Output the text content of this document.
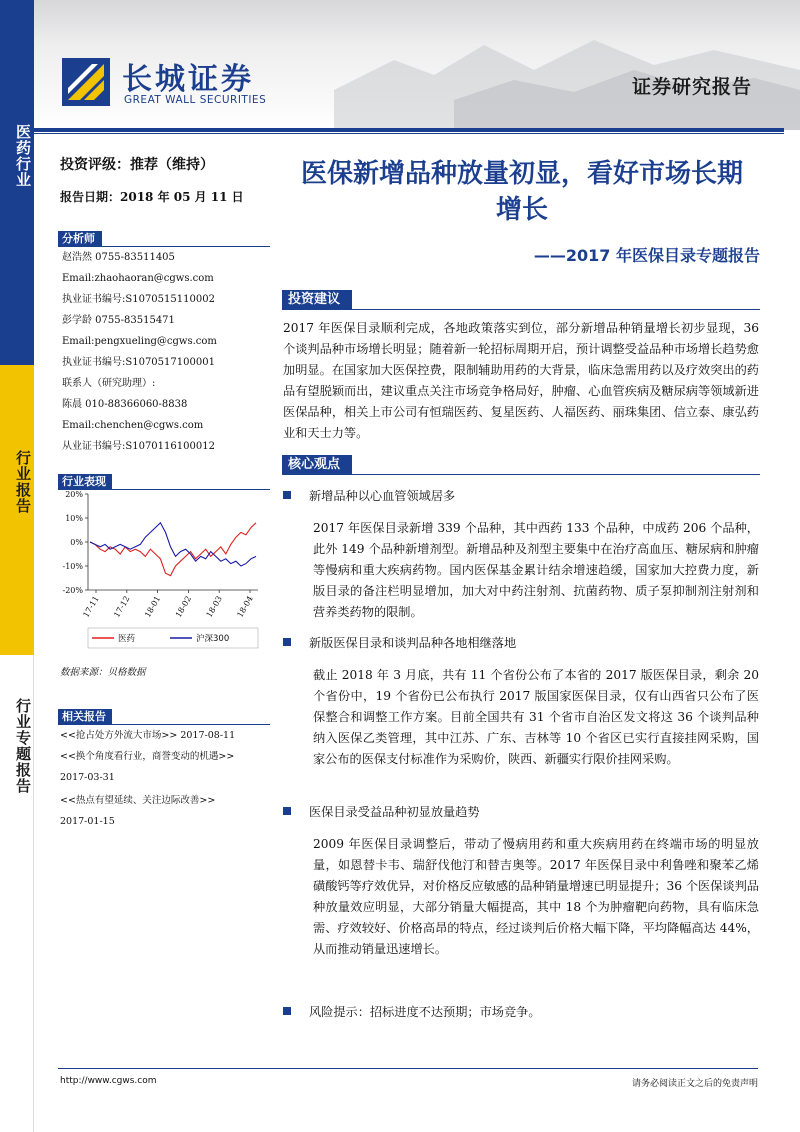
医药行业
行业报告
行业专题报告
长城证券
GREAT WALL SECURITIES
证券研究报告
投资评级：推荐（维持）
报告日期：2018 年 05 月 11 日
分析师
赵浩然 0755-83511405
Email:zhaohaoran@cgws.com
执业证书编号:S1070515110002
彭学龄 0755-83515471
Email:pengxueling@cgws.com
执业证书编号:S1070517100001
联系人（研究助理）:
陈晨 010-88366060-8838
Email:chenchen@cgws.com
从业证书编号:S1070116100012
行业表现
20%
10%
0%
-10%
-20%
17-11 17-12 18-01 18-02 18-03 18-04
医药	沪深300
数据来源：贝格数据
相关报告
<<抢占处方外流大市场>> 2017-08-11
<<换个角度看行业，商誉变动的机遇>>
2017-03-31
<<热点有望延续、关注边际改善>>
2017-01-15
医保新增品种放量初显，看好市场长期
增长
——2017 年医保目录专题报告
投资建议
2017 年医保目录顺利完成，各地政策落实到位，部分新增品种销量增长初步显现，36 个谈判品种市场增长明显；随着新一轮招标周期开启，预计调整受益品种市场增长趋势愈加明显。在国家加大医保控费，限制辅助用药的大背景，临床急需用药以及疗效突出的药品有望脱颖而出，建议重点关注市场竞争格局好，肿瘤、心血管疾病及糖尿病等领域新进医保品种，相关上市公司有恒瑞医药、复星医药、人福医药、丽珠集团、信立泰、康弘药业和天士力等。
核心观点
新增品种以心血管领域居多
2017 年医保目录新增 339 个品种，其中西药 133 个品种，中成药 206 个品种，此外 149 个品种新增剂型。新增品种及剂型主要集中在治疗高血压、糖尿病和肿瘤等慢病和重大疾病药物。国内医保基金累计结余增速趋缓，国家加大控费力度，新版目录的备注栏明显增加，加大对中药注射剂、抗菌药物、质子泵抑制剂注射剂和营养类药物的限制。
新版医保目录和谈判品种各地相继落地
截止 2018 年 3 月底，共有 11 个省份公布了本省的 2017 版医保目录，剩余 20 个省份中，19 个省份已公布执行 2017 版国家医保目录，仅有山西省只公布了医保整合和调整工作方案。目前全国共有 31 个省市自治区发文将这 36 个谈判品种纳入医保乙类管理，其中江苏、广东、吉林等 10 个省区已实行直接挂网采购，国家公布的医保支付标准作为采购价，陕西、新疆实行限价挂网采购。
医保目录受益品种初显放量趋势
2009 年医保目录调整后，带动了慢病用药和重大疾病用药在终端市场的明显放量，如恩替卡韦、瑞舒伐他汀和替吉奥等。2017 年医保目录中利鲁唑和聚苯乙烯磺酸钙等疗效优异，对价格反应敏感的品种销量增速已明显提升；36 个医保谈判品种放量效应明显，大部分销量大幅提高，其中 18 个为肿瘤靶向药物，具有临床急需、疗效较好、价格高昂的特点，经过谈判后价格大幅下降，平均降幅高达 44%，从而推动销量迅速增长。
风险提示：招标进度不达预期；市场竞争。
http://www.cgws.com	请务必阅读正文之后的免责声明
